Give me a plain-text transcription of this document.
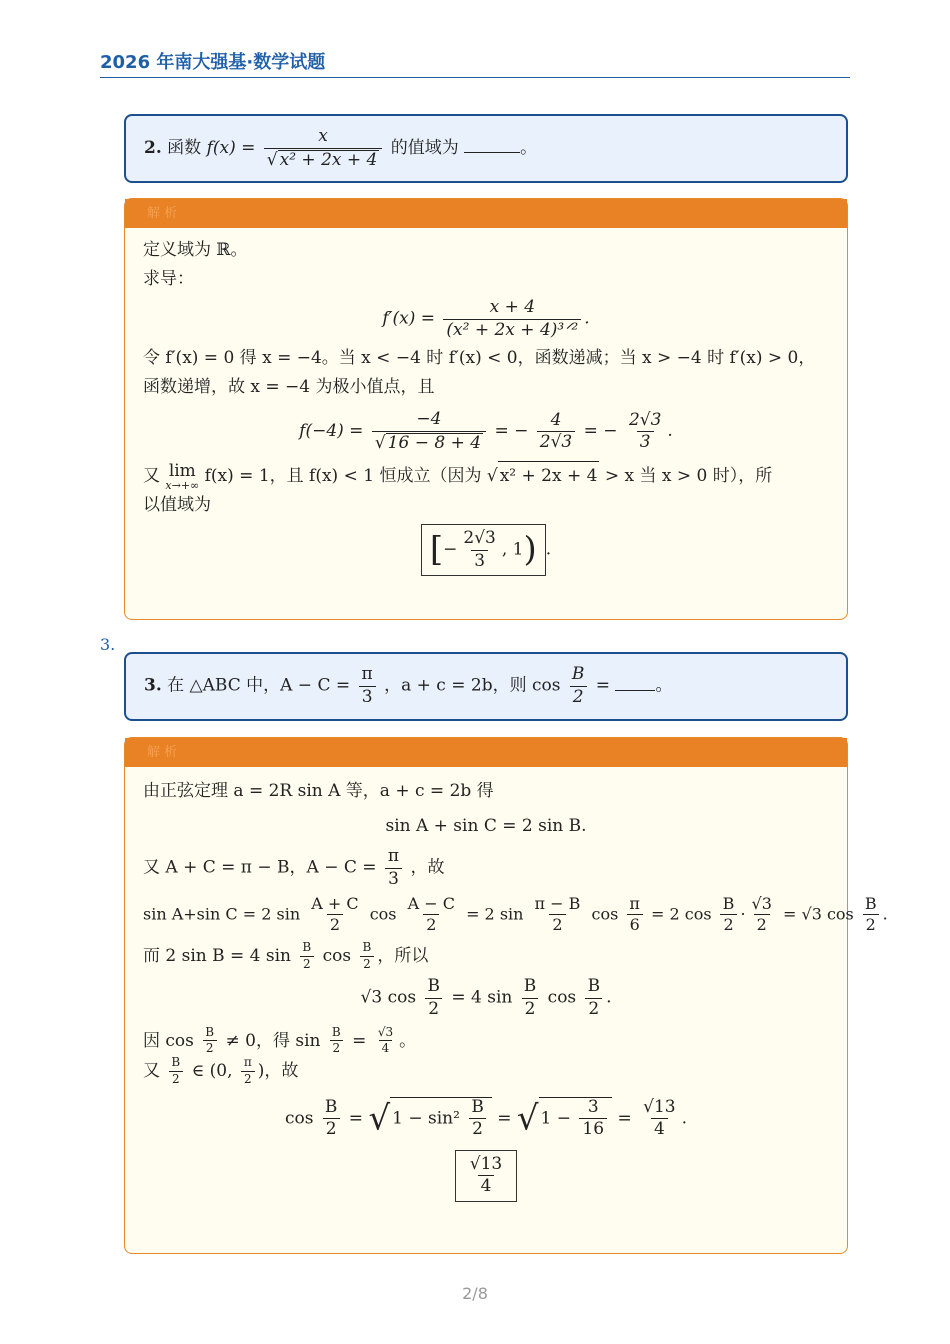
2026 年南大强基·数学试题
2. 函数 $f(x) = \frac{x}{\text{√ x² + 2x + 4}}$ 的值域为	。
解 析

定义域为 ℝ。

求导：

$f'(x) = \frac{x + 4}{\text{(x² + 2x + 4)³ᐟ²}}$ .

令 f′(x) = 0 得 x = −4。当 x < −4 时 f′(x) < 0，函数递减；当 x > −4 时 f′(x) > 0，

函数递增，故 x = −4 为极小值点，且

$f(-4) = \frac{-4}{√ 16 - 8 + 4}$ = − $\frac{4}{2√3}$ = − $\frac{2√3}{3}$ .

又 lim
x→+∞ f(x) = 1，且 f(x) < 1 恒成立（因为 √ x² + 2x + 4 > x 当 x > 0 时），所

以值域为

[− $\frac{2√3}{3}$ , 1) .

3.
3. 在 △ABC 中，$A - C = \frac{\pi}{3}$ ，a + c = 2b，则 $\cos \frac{B}{2}$ =	。
解 析

由正弦定理 a = 2R sin A 等，a + c = 2b 得

sin A + sin C = 2 sin B.

又 A + C = π − B，$A - C = \frac{\pi}{3}$ ，故

sin A+sin C = 2 $\sin \frac{A + C}{2}$ $\cos \frac{A - C}{2} = 2$ $\sin \frac{\pi - B}{2}$ $\cos \frac{\pi}{6} = 2$ $\cos \frac{B}{2} \cdot \frac{√3}{2} = √3$ $\cos \frac{B}{2}$ .

而 2 sin B = 4 $\sin \frac{B}{2}$ $\cos \frac{B}{2}$ ，所以

√3 $\cos \frac{B}{2} = 4$ $\sin \frac{B}{2}$ $\cos \frac{B}{2}$ .

因 $\cos \frac{B}{2} \ne 0$，得 $\sin \frac{B}{2} = \frac{√3}{4}$ 。

又 $\frac{B}{2}$ ∈ (0, $\frac{\pi}{2}$ )，故

$\cos \frac{B}{2}$ = √ $1 - \sin^2 \frac{B}{2}$ = √ $1 - \frac{3}{16} = \frac{√13}{4}$ .

$\frac{√13}{4}$

2/8
